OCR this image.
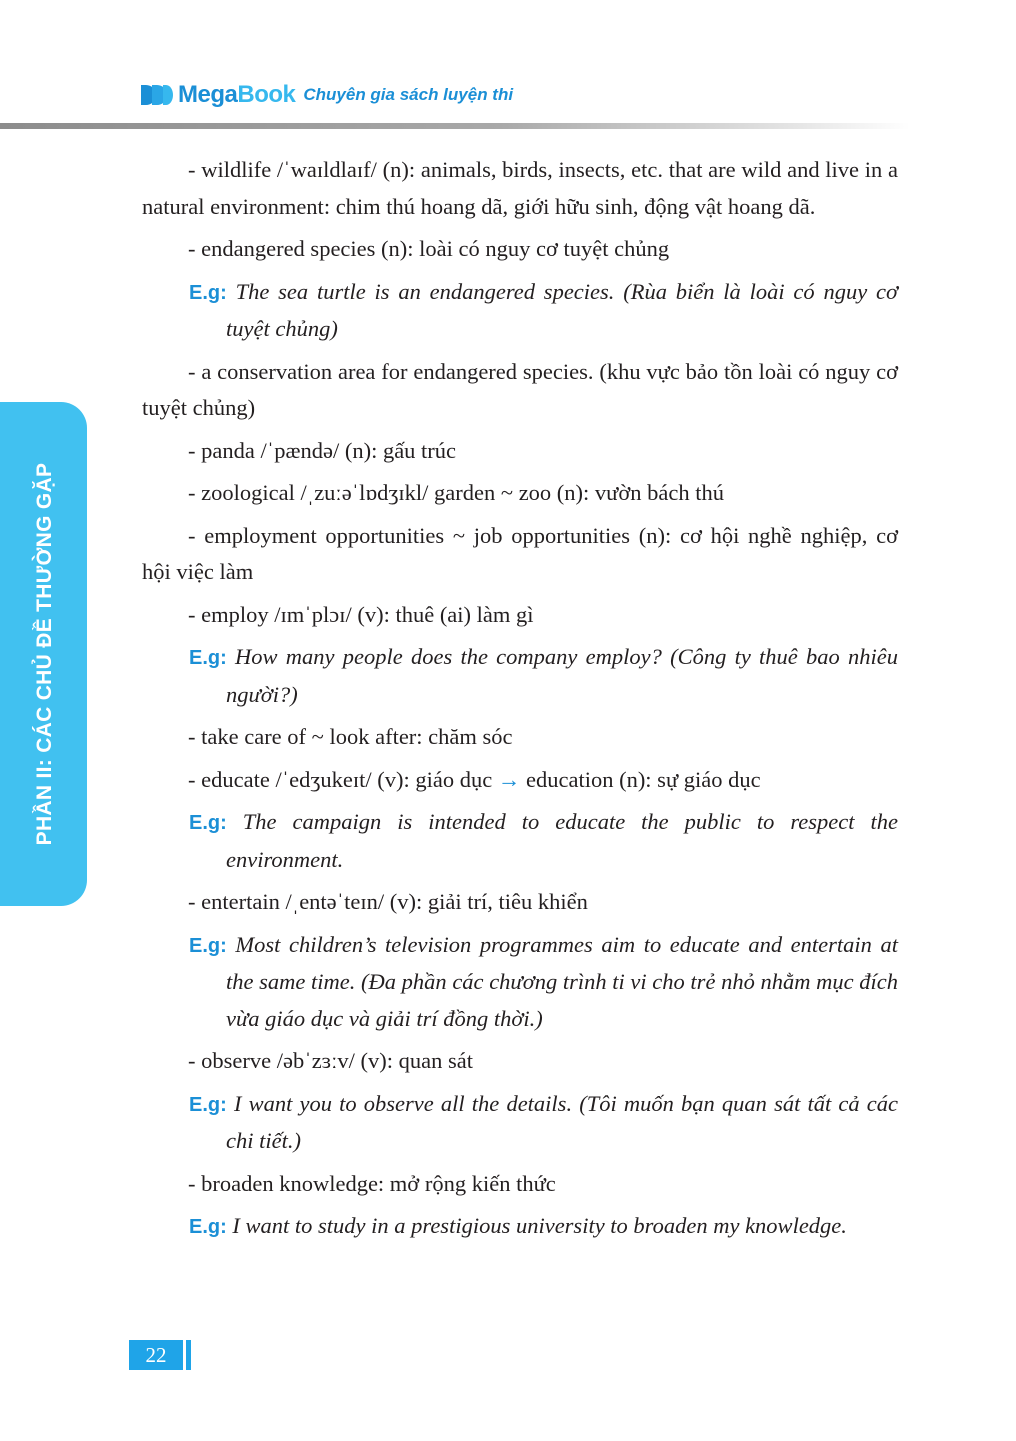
MegaBook Chuyên gia sách luyện thi
PHẦN II: CÁC CHỦ ĐỀ THƯỜNG GẶP

- wildlife /ˈwaɪldlaɪf/ (n): animals, birds, insects, etc. that are wild and live in a natural environment: chim thú hoang dã, giới hữu sinh, động vật hoang dã.

- endangered species (n): loài có nguy cơ tuyệt chủng

E.g: The sea turtle is an endangered species. (Rùa biển là loài có nguy cơ tuyệt chủng)

- a conservation area for endangered species. (khu vực bảo tồn loài có nguy cơ tuyệt chủng)

- panda /ˈpændə/ (n): gấu trúc

- zoological /ˌzuːəˈlɒdʒɪkl/ garden ~ zoo (n): vườn bách thú

- employment opportunities ~ job opportunities (n): cơ hội nghề nghiệp, cơ hội việc làm

- employ /ɪmˈplɔɪ/ (v): thuê (ai) làm gì

E.g: How many people does the company employ? (Công ty thuê bao nhiêu người?)

- take care of ~ look after: chăm sóc

- educate /ˈedʒukeɪt/ (v): giáo dục → education (n): sự giáo dục

E.g: The campaign is intended to educate the public to respect the environment.

- entertain /ˌentəˈteɪn/ (v): giải trí, tiêu khiển

E.g: Most children’s television programmes aim to educate and entertain at the same time. (Đa phần các chương trình ti vi cho trẻ nhỏ nhằm mục đích vừa giáo dục và giải trí đồng thời.)

- observe /əbˈzɜːv/ (v): quan sát

E.g: I want you to observe all the details. (Tôi muốn bạn quan sát tất cả các chi tiết.)

- broaden knowledge: mở rộng kiến thức

E.g: I want to study in a prestigious university to broaden my knowledge.

22
